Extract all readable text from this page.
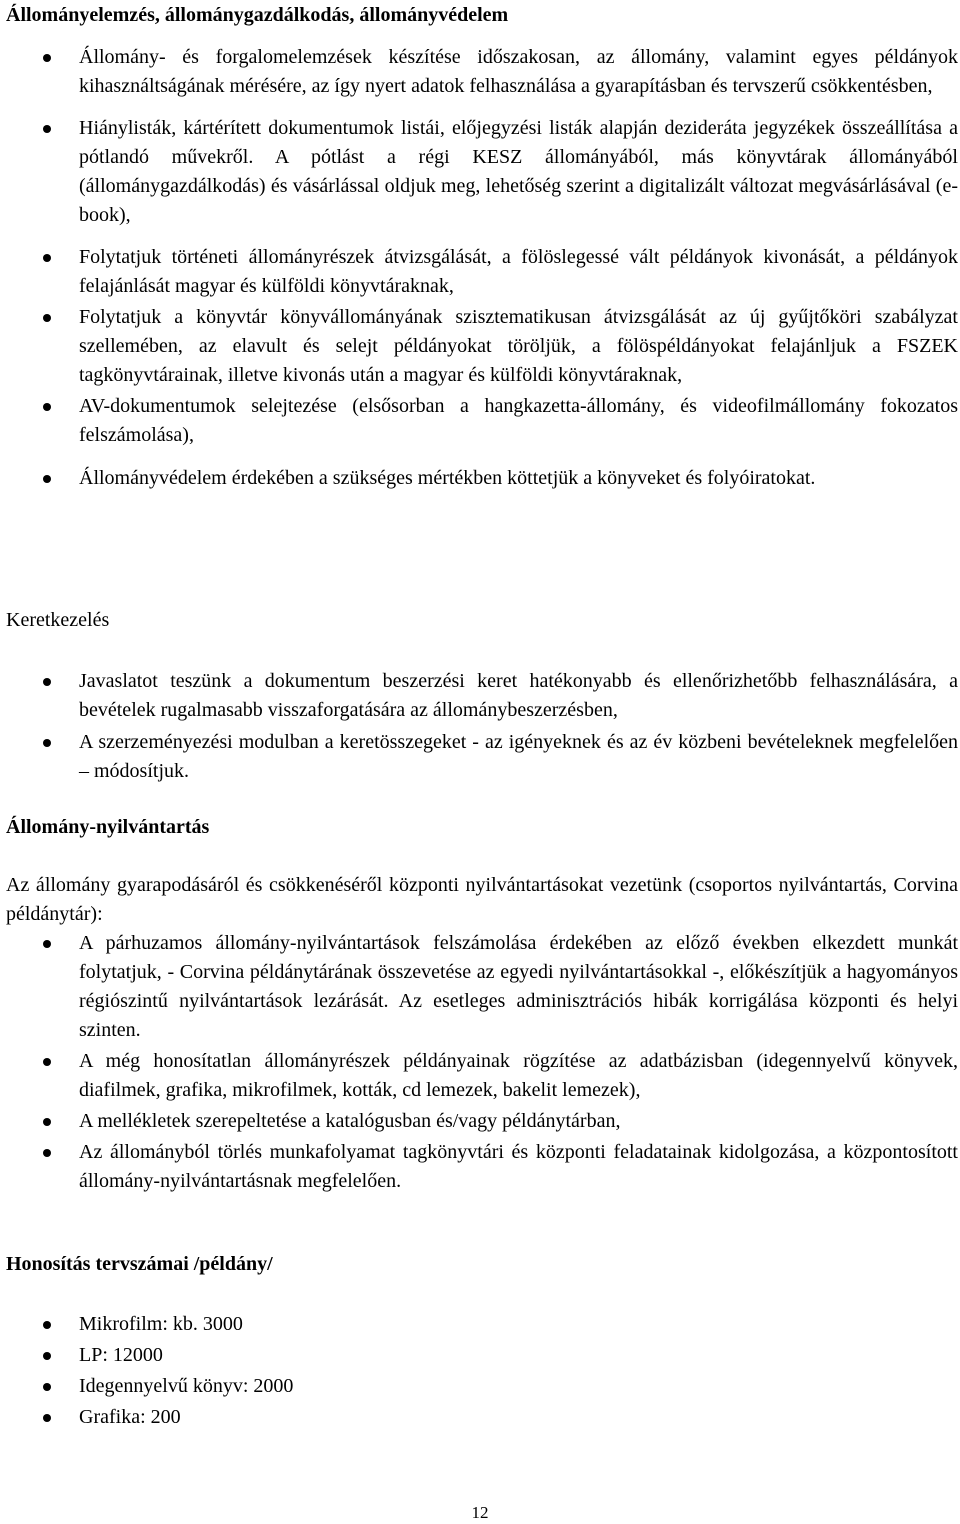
Állományelemzés, állománygazdálkodás, állományvédelem
Állomány- és forgalomelemzések készítése időszakosan, az állomány, valamint egyes példányok kihasználtságának mérésére, az így nyert adatok felhasználása a gyarapításban és tervszerű csökkentésben,
Hiánylisták, kártérített dokumentumok listái, előjegyzési listák alapján dezideráta jegyzékek összeállítása a pótlandó művekről. A pótlást a régi KESZ állományából, más könyvtárak állományából (állománygazdálkodás) és vásárlással oldjuk meg, lehetőség szerint a digitalizált változat megvásárlásával (e-book),
Folytatjuk történeti állományrészek átvizsgálását, a fölöslegessé vált példányok kivonását, a példányok felajánlását magyar és külföldi könyvtáraknak,
Folytatjuk a könyvtár könyvállományának szisztematikusan átvizsgálását az új gyűjtőköri szabályzat szellemében, az elavult és selejt példányokat töröljük, a fölöspéldányokat felajánljuk a FSZEK tagkönyvtárainak, illetve kivonás után a magyar és külföldi könyvtáraknak,
AV-dokumentumok selejtezése (elsősorban a hangkazetta-állomány, és videofilmállomány fokozatos felszámolása),
Állományvédelem érdekében a szükséges mértékben köttetjük a könyveket és folyóiratokat.
Keretkezelés
Javaslatot teszünk a dokumentum beszerzési keret hatékonyabb és ellenőrizhetőbb felhasználására, a bevételek rugalmasabb visszaforgatására az állománybeszerzésben,
A szerzeményezési modulban a keretösszegeket - az igényeknek és az év közbeni bevételeknek megfelelően – módosítjuk.
Állomány-nyilvántartás

Az állomány gyarapodásáról és csökkenéséről központi nyilvántartásokat vezetünk (csoportos nyilvántartás, Corvina példánytár):

A párhuzamos állomány-nyilvántartások felszámolása érdekében az előző években elkezdett munkát folytatjuk, - Corvina példánytárának összevetése az egyedi nyilvántartásokkal -, előkészítjük a hagyományos régiószintű nyilvántartások lezárását. Az esetleges adminisztrációs hibák korrigálása központi és helyi szinten.
A még honosítatlan állományrészek példányainak rögzítése az adatbázisban (idegennyelvű könyvek, diafilmek, grafika, mikrofilmek, kották, cd lemezek, bakelit lemezek),
A mellékletek szerepeltetése a katalógusban és/vagy példánytárban,
Az állományból törlés munkafolyamat tagkönyvtári és központi feladatainak kidolgozása, a központosított állomány-nyilvántartásnak megfelelően.
Honosítás tervszámai /példány/
Mikrofilm: kb. 3000
LP: 12000
Idegennyelvű könyv: 2000
Grafika: 200
12
